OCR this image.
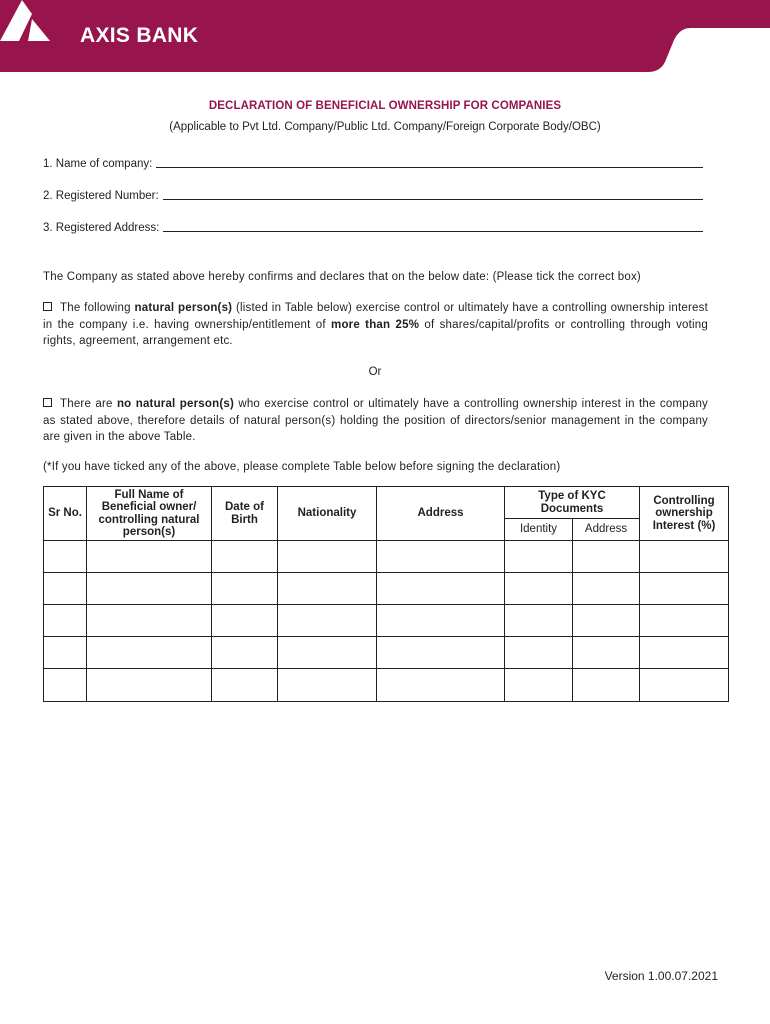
AXIS BANK
DECLARATION OF BENEFICIAL OWNERSHIP FOR COMPANIES
(Applicable to Pvt Ltd. Company/Public Ltd. Company/Foreign Corporate Body/OBC)
1. Name of company:
2. Registered Number:
3. Registered Address:
The Company as stated above hereby confirms and declares that on the below date: (Please tick the correct box)
The following natural person(s) (listed in Table below) exercise control or ultimately have a controlling ownership interest in the company i.e. having ownership/entitlement of more than 25% of shares/capital/profits or controlling through voting rights, agreement, arrangement etc.
Or
There are no natural person(s) who exercise control or ultimately have a controlling ownership interest in the company as stated above, therefore details of natural person(s) holding the position of directors/senior management in the company are given in the above Table.
(*If you have ticked any of the above, please complete Table below before signing the declaration)
Sr No.	Full Name of Beneficial owner/ controlling natural person(s)	Date of Birth	Nationality	Address	Type of KYC Documents		Controlling ownership Interest (%)
					Identity	Address	

Version 1.00.07.2021
